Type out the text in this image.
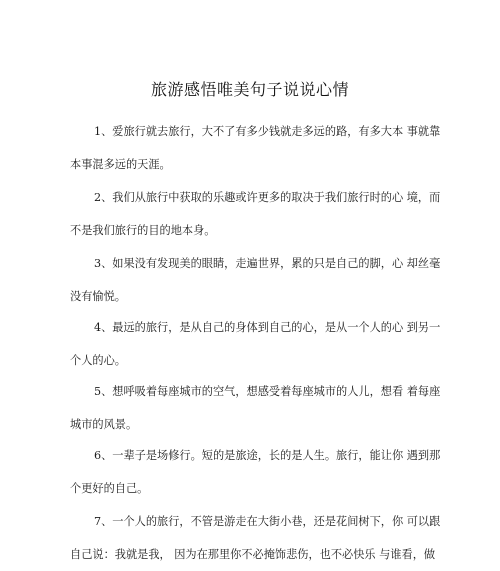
旅游感悟唯美句子说说心情
1、爱旅行就去旅行，大不了有多少钱就走多远的路，有多大本 事就靠
本事混多远的天涯。
2、我们从旅行中获取的乐趣或许更多的取决于我们旅行时的心 境，而
不是我们旅行的目的地本身。
3、如果没有发现美的眼睛，走遍世界，累的只是自己的脚，心 却丝毫
没有愉悦。
4、最远的旅行，是从自己的身体到自己的心，是从一个人的心 到另一
个人的心。
5、想呼吸着每座城市的空气，想感受着每座城市的人儿，想看 着每座
城市的风景。
6、一辈子是场修行。短的是旅途，长的是人生。旅行，能让你 遇到那
个更好的自己。
7、一个人的旅行，不管是游走在大街小巷，还是花间树下，你 可以跟
自己说：我就是我， 因为在那里你不必掩饰悲伤，也不必快乐 与谁看，做
